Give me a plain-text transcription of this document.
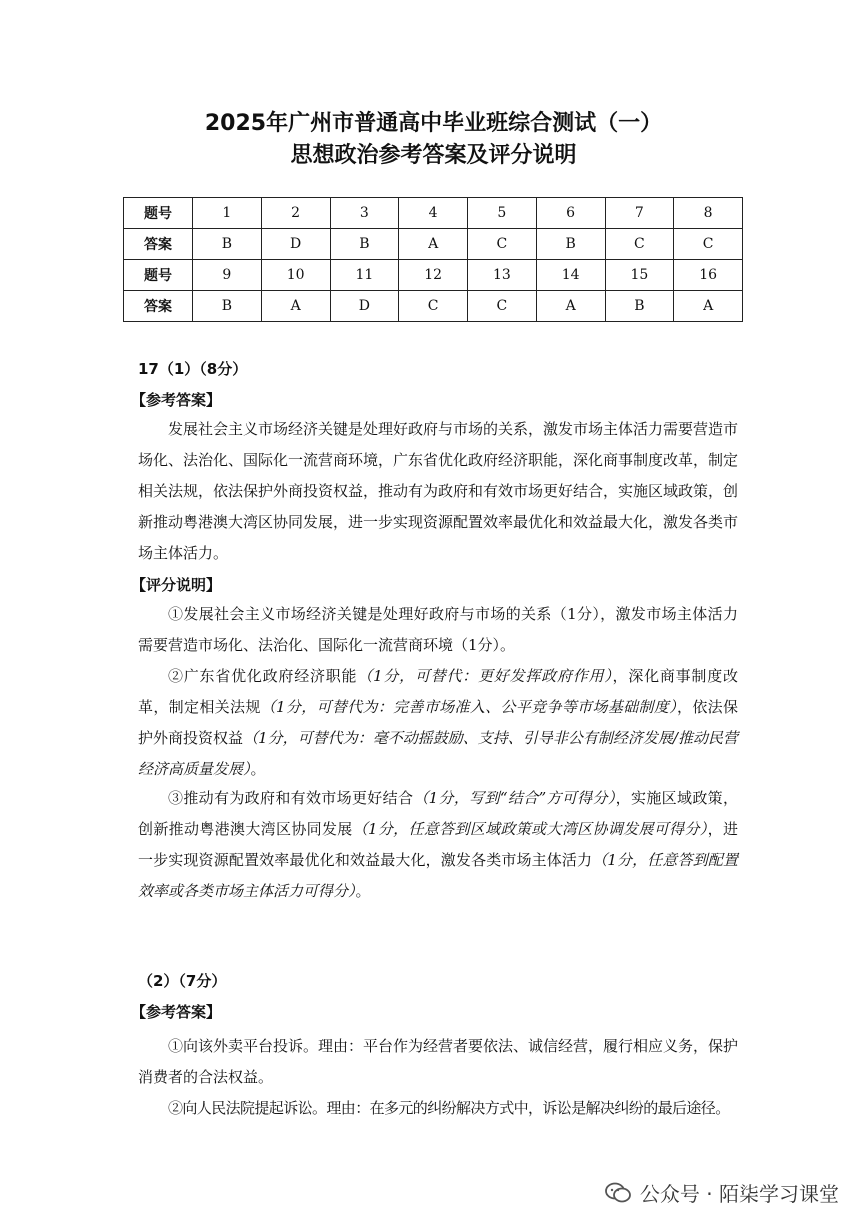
2025年广州市普通高中毕业班综合测试（一）
思想政治参考答案及评分说明
题号	1	2	3	4	5	6	7	8
答案	B	D	B	A	C	B	C	C
题号	9	10	11	12	13	14	15	16
答案	B	A	D	C	C	A	B	A
17（1）（8分）
【参考答案】
发展社会主义市场经济关键是处理好政府与市场的关系，激发市场主体活力需要营造市场化、法治化、国际化一流营商环境，广东省优化政府经济职能，深化商事制度改革，制定相关法规，依法保护外商投资权益，推动有为政府和有效市场更好结合，实施区域政策，创新推动粤港澳大湾区协同发展，进一步实现资源配置效率最优化和效益最大化，激发各类市场主体活力。
【评分说明】
①发展社会主义市场经济关键是处理好政府与市场的关系（1分），激发市场主体活力需要营造市场化、法治化、国际化一流营商环境（1分）。
②广东省优化政府经济职能（1分，可替代：更好发挥政府作用），深化商事制度改革，制定相关法规（1分，可替代为：完善市场准入、公平竞争等市场基础制度），依法保护外商投资权益（1分，可替代为：毫不动摇鼓励、支持、引导非公有制经济发展/推动民营经济高质量发展）。
③推动有为政府和有效市场更好结合（1分，写到“结合”方可得分），实施区域政策，创新推动粤港澳大湾区协同发展（1分，任意答到区域政策或大湾区协调发展可得分），进一步实现资源配置效率最优化和效益最大化，激发各类市场主体活力（1分，任意答到配置效率或各类市场主体活力可得分）。
（2）（7分）
【参考答案】
①向该外卖平台投诉。理由：平台作为经营者要依法、诚信经营，履行相应义务，保护消费者的合法权益。
②向人民法院提起诉讼。理由：在多元的纠纷解决方式中，诉讼是解决纠纷的最后途径。
公众号 · 陌柒学习课堂
